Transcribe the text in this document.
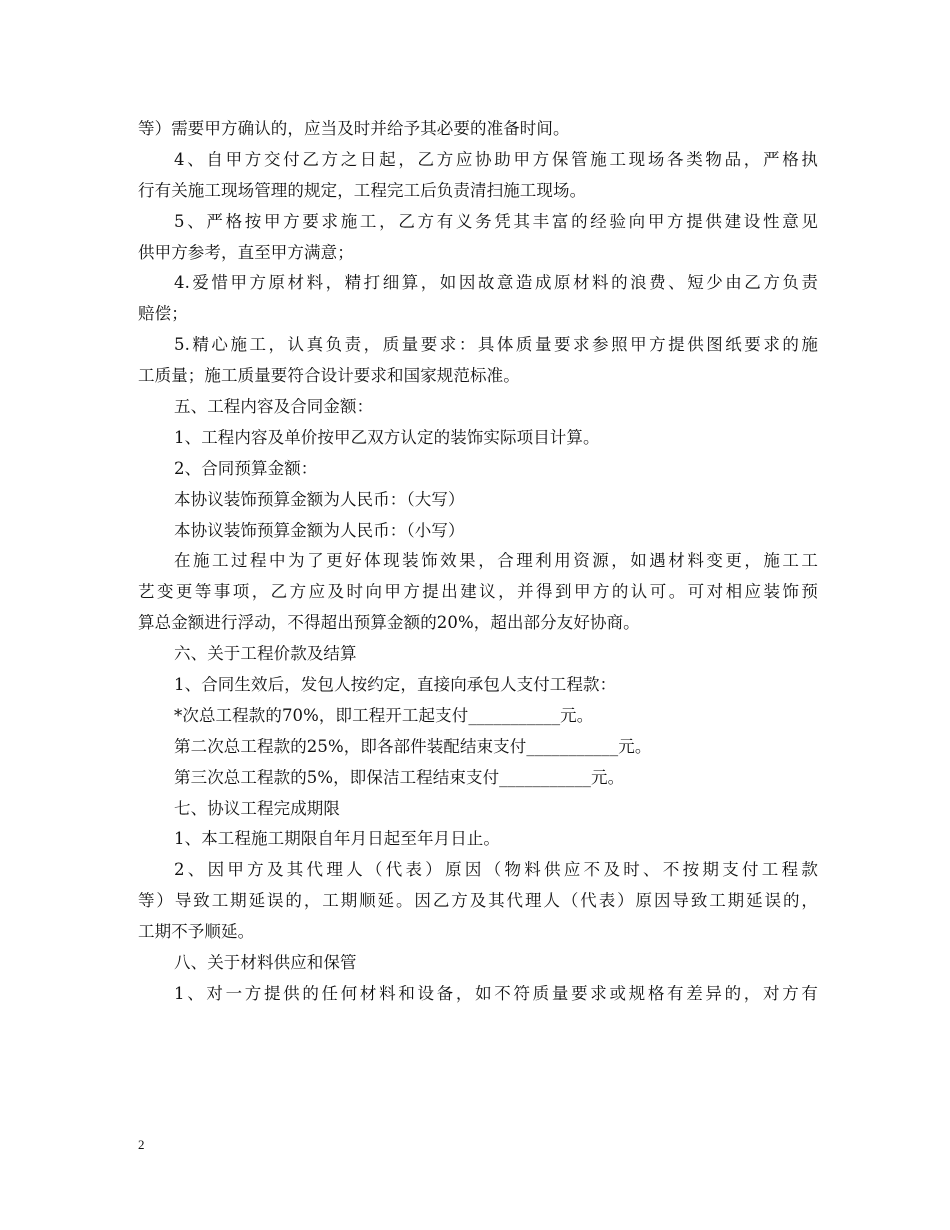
等）需要甲方确认的，应当及时并给予其必要的准备时间。
4、自甲方交付乙方之日起，乙方应协助甲方保管施工现场各类物品，严格执
行有关施工现场管理的规定，工程完工后负责清扫施工现场。
5、严格按甲方要求施工，乙方有义务凭其丰富的经验向甲方提供建设性意见
供甲方参考，直至甲方满意；
4.爱惜甲方原材料，精打细算，如因故意造成原材料的浪费、短少由乙方负责
赔偿；
5.精心施工，认真负责，质量要求：具体质量要求参照甲方提供图纸要求的施
工质量；施工质量要符合设计要求和国家规范标准。
五、工程内容及合同金额：
1、工程内容及单价按甲乙双方认定的装饰实际项目计算。
2、合同预算金额：
本协议装饰预算金额为人民币：（大写）
本协议装饰预算金额为人民币：（小写）
在施工过程中为了更好体现装饰效果，合理利用资源，如遇材料变更，施工工
艺变更等事项，乙方应及时向甲方提出建议，并得到甲方的认可。可对相应装饰预
算总金额进行浮动，不得超出预算金额的20%，超出部分友好协商。
六、关于工程价款及结算
1、合同生效后，发包人按约定，直接向承包人支付工程款：
*次总工程款的70%，即工程开工起支付___________元。
第二次总工程款的25%，即各部件装配结束支付___________元。
第三次总工程款的5%，即保洁工程结束支付___________元。
七、协议工程完成期限
1、本工程施工期限自年月日起至年月日止。
2、因甲方及其代理人（代表）原因（物料供应不及时、不按期支付工程款
等）导致工期延误的，工期顺延。因乙方及其代理人（代表）原因导致工期延误的，
工期不予顺延。
八、关于材料供应和保管
1、对一方提供的任何材料和设备，如不符质量要求或规格有差异的，对方有
2
